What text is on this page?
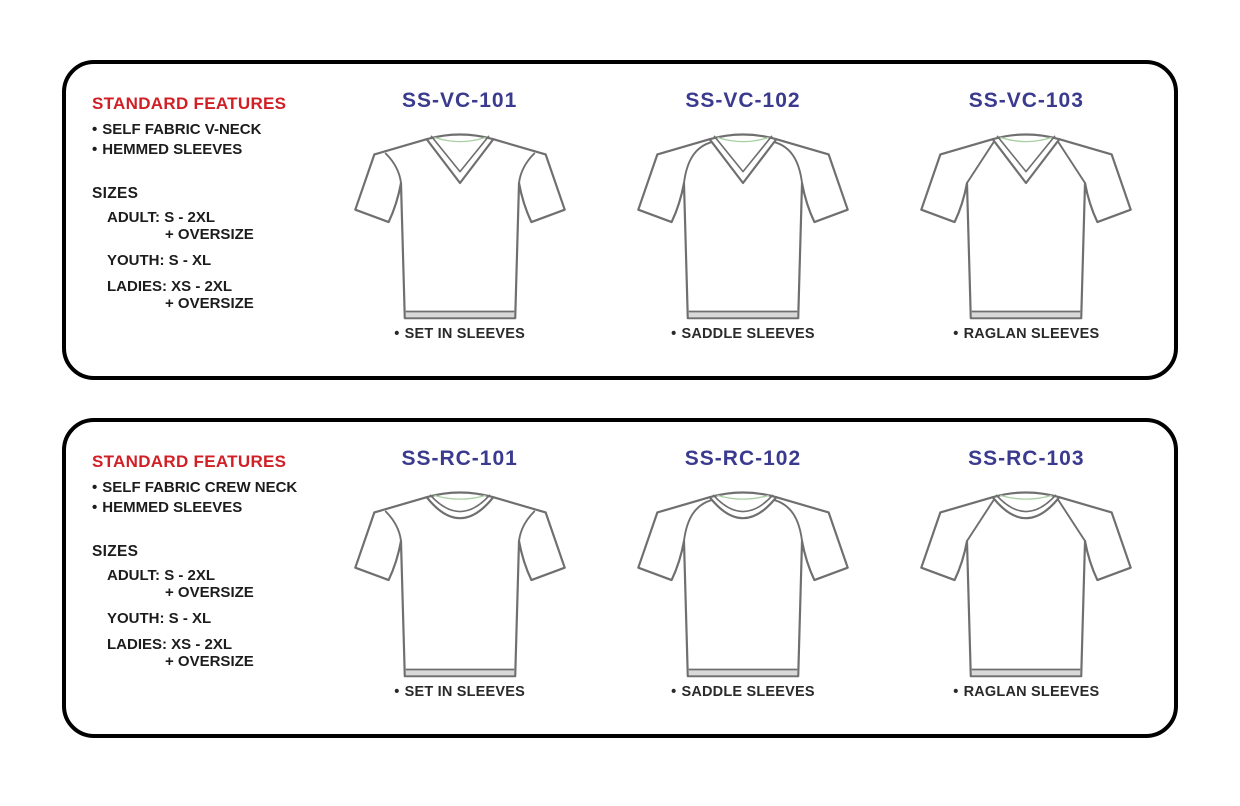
STANDARD FEATURES
• SELF FABRIC V-NECK
• HEMMED SLEEVES
SIZES
ADULT: S - 2XL
+ OVERSIZE
YOUTH: S - XL
LADIES: XS - 2XL
+ OVERSIZE
SS-VC-101
• SET IN SLEEVES
SS-VC-102
• SADDLE SLEEVES
SS-VC-103
• RAGLAN SLEEVES
STANDARD FEATURES
• SELF FABRIC CREW NECK
• HEMMED SLEEVES
SIZES
ADULT: S - 2XL
+ OVERSIZE
YOUTH: S - XL
LADIES: XS - 2XL
+ OVERSIZE
SS-RC-101
• SET IN SLEEVES
SS-RC-102
• SADDLE SLEEVES
SS-RC-103
• RAGLAN SLEEVES
